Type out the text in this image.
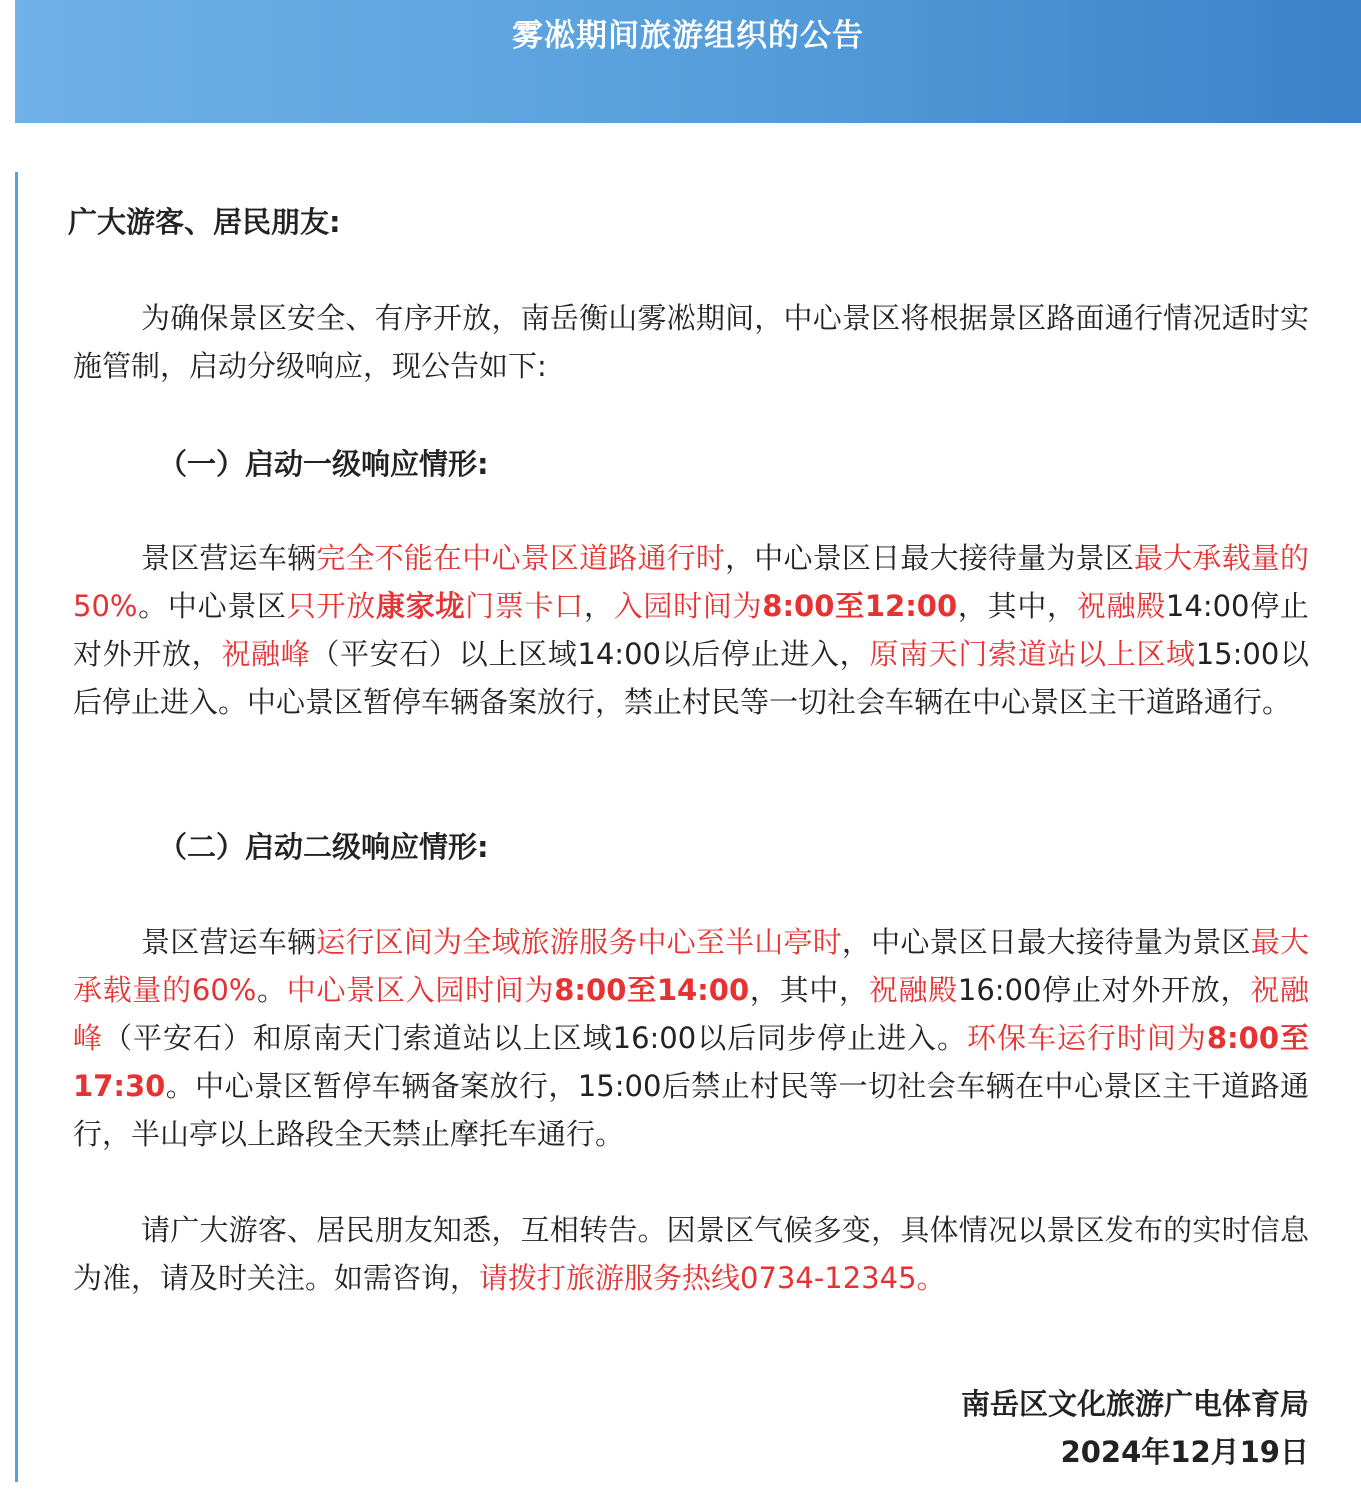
雾凇期间旅游组织的公告
广大游客、居民朋友:

为确保景区安全、有序开放，南岳衡山雾凇期间，中心景区将根据景区路面通行情况适时实施管制，启动分级响应，现公告如下:

（一）启动一级响应情形:

景区营运车辆完全不能在中心景区道路通行时，中心景区日最大接待量为景区最大承载量的50%。中心景区只开放康家垅门票卡口，入园时间为8:00至12:00，其中，祝融殿14:00停止对外开放，祝融峰（平安石）以上区域14:00以后停止进入，原南天门索道站以上区域15:00以后停止进入。中心景区暂停车辆备案放行，禁止村民等一切社会车辆在中心景区主干道路通行。

（二）启动二级响应情形:

景区营运车辆运行区间为全域旅游服务中心至半山亭时，中心景区日最大接待量为景区最大承载量的60%。中心景区入园时间为8:00至14:00，其中，祝融殿16:00停止对外开放，祝融峰（平安石）和原南天门索道站以上区域16:00以后同步停止进入。环保车运行时间为8:00至17:30。中心景区暂停车辆备案放行，15:00后禁止村民等一切社会车辆在中心景区主干道路通行，半山亭以上路段全天禁止摩托车通行。

请广大游客、居民朋友知悉，互相转告。因景区气候多变，具体情况以景区发布的实时信息为准，请及时关注。如需咨询，请拨打旅游服务热线0734-12345。

南岳区文化旅游广电体育局
2024年12月19日
